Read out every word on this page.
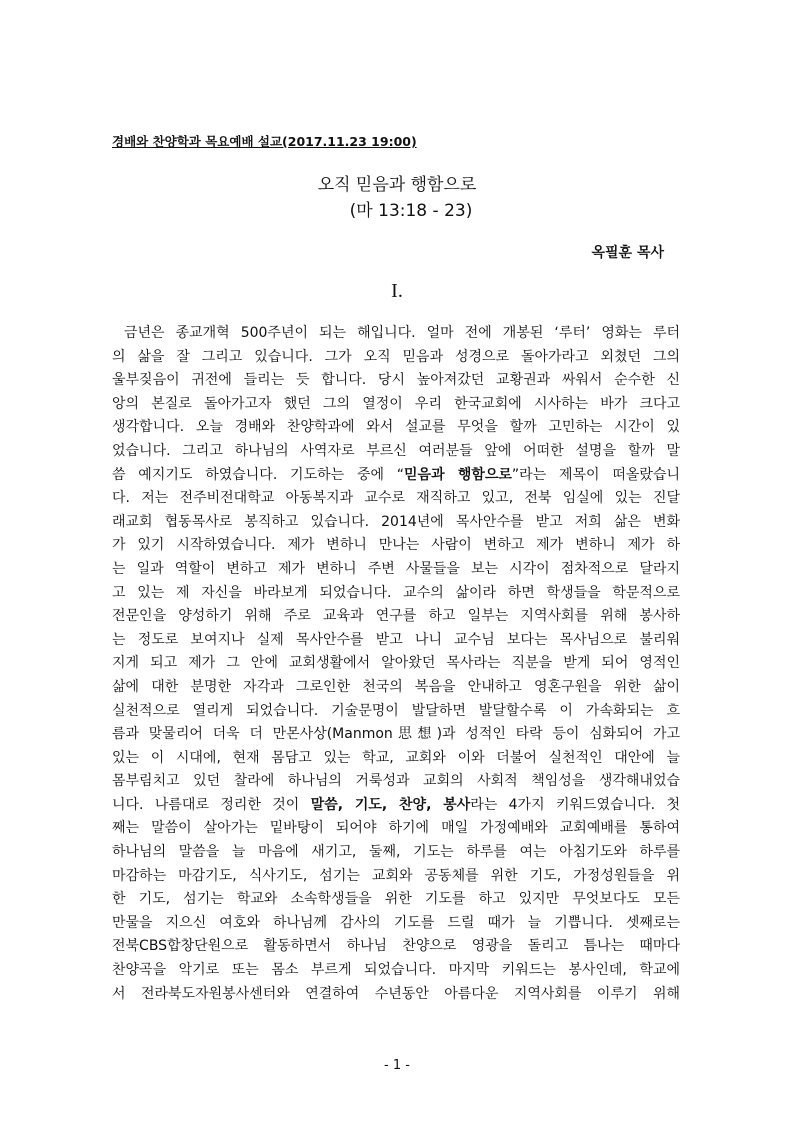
경배와 찬양학과 목요예배 설교(2017.11.23 19:00)
오직 믿음과 행함으로
(마 13:18 - 23)
옥필훈 목사
I.
금년은 종교개혁 500주년이 되는 해입니다. 얼마 전에 개봉된 ‘루터’ 영화는 루터
의 삶을 잘 그리고 있습니다. 그가 오직 믿음과 성경으로 돌아가라고 외쳤던 그의
울부짖음이 귀전에 들리는 듯 합니다. 당시 높아져갔던 교황권과 싸워서 순수한 신
앙의 본질로 돌아가고자 했던 그의 열정이 우리 한국교회에 시사하는 바가 크다고
생각합니다. 오늘 경배와 찬양학과에 와서 설교를 무엇을 할까 고민하는 시간이 있
었습니다. 그리고 하나님의 사역자로 부르신 여러분들 앞에 어떠한 설명을 할까 말
씀 예지기도 하였습니다. 기도하는 중에 “믿음과 행함으로”라는 제목이 떠올랐습니
다. 저는 전주비전대학교 아동복지과 교수로 재직하고 있고, 전북 임실에 있는 진달
래교회 협동목사로 봉직하고 있습니다. 2014년에 목사안수를 받고 저희 삶은 변화
가 있기 시작하였습니다. 제가 변하니 만나는 사람이 변하고 제가 변하니 제가 하
는 일과 역할이 변하고 제가 변하니 주변 사물들을 보는 시각이 점차적으로 달라지
고 있는 제 자신을 바라보게 되었습니다. 교수의 삶이라 하면 학생들을 학문적으로
전문인을 양성하기 위해 주로 교육과 연구를 하고 일부는 지역사회를 위해 봉사하
는 정도로 보여지나 실제 목사안수를 받고 나니 교수님 보다는 목사님으로 불리워
지게 되고 제가 그 안에 교회생활에서 알아왔던 목사라는 직분을 받게 되어 영적인
삶에 대한 분명한 자각과 그로인한 천국의 복음을 안내하고 영혼구원을 위한 삶이
실천적으로 열리게 되었습니다. 기술문명이 발달하면 발달할수록 이 가속화되는 흐
름과 맞물리어 더욱 더 만몬사상(Manmon思想)과 성적인 타락 등이 심화되어 가고
있는 이 시대에, 현재 몸담고 있는 학교, 교회와 이와 더불어 실천적인 대안에 늘
몸부림치고 있던 찰라에 하나님의 거룩성과 교회의 사회적 책임성을 생각해내었습
니다. 나름대로 정리한 것이 말씀, 기도, 찬양, 봉사라는 4가지 키워드였습니다. 첫
째는 말씀이 살아가는 밑바탕이 되어야 하기에 매일 가정예배와 교회예배를 통하여
하나님의 말씀을 늘 마음에 새기고, 둘째, 기도는 하루를 여는 아침기도와 하루를
마감하는 마감기도, 식사기도, 섬기는 교회와 공동체를 위한 기도, 가정성원들을 위
한 기도, 섬기는 학교와 소속학생들을 위한 기도를 하고 있지만 무엇보다도 모든
만물을 지으신 여호와 하나님께 감사의 기도를 드릴 때가 늘 기쁩니다. 셋째로는
전북CBS합창단원으로 활동하면서 하나님 찬양으로 영광을 돌리고 틈나는 때마다
찬양곡을 악기로 또는 몸소 부르게 되었습니다. 마지막 키워드는 봉사인데, 학교에
서 전라북도자원봉사센터와 연결하여 수년동안 아름다운 지역사회를 이루기 위해
- 1 -
